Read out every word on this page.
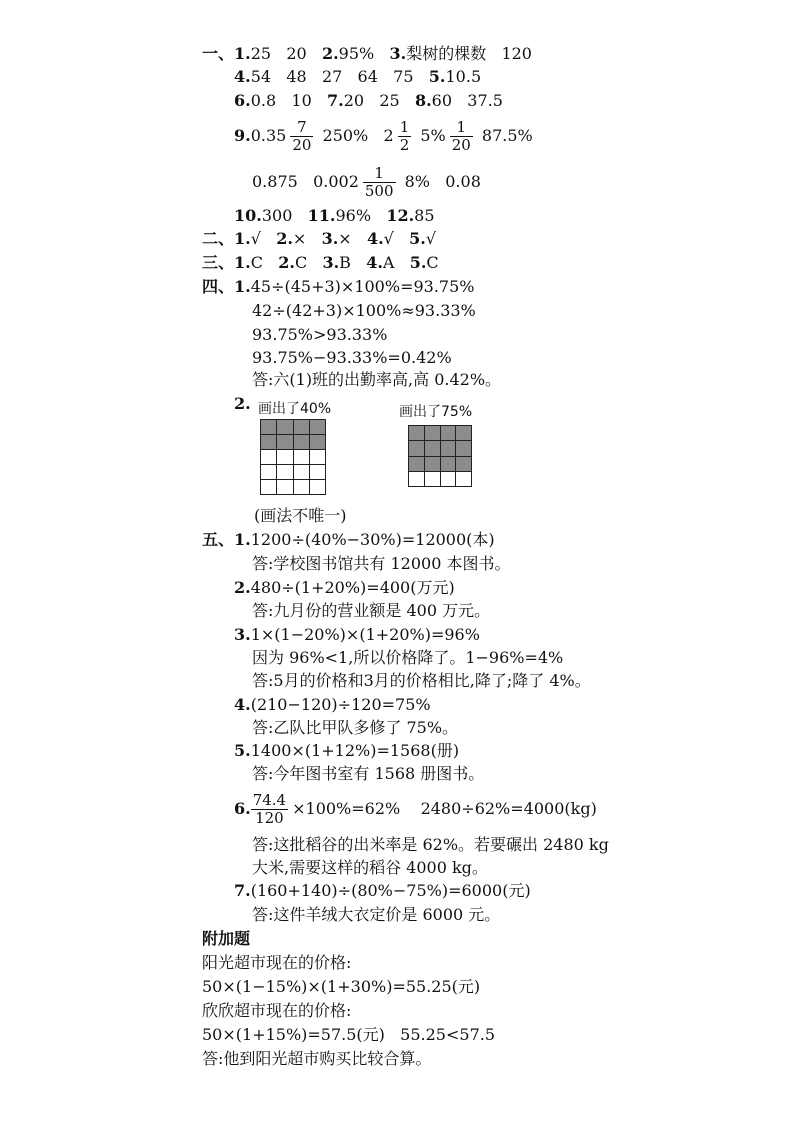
一、1.25   20   2.95%   3.梨树的棵数   120
4.54   48   27   64   75   5.10.5
6.0.8   10   7.20   25   8.60   37.5
$9.0.35 \frac{7}{20} 250\%$   $2 \frac{1}{2} 5\% \frac{1}{20} 87.5\%$
0.875   $0.002 \frac{1}{500} 8\%$   0.08
10.300   11.96%   12.85
二、1.√ 2.× 3.× 4.√ 5.√
三、1.C 2.C 3.B 4.A 5.C
四、1.45÷(45+3)×100%=93.75%
42÷(42+3)×100%≈93.33%
93.75%>93.33%
93.75%−93.33%=0.42%
答:六(1)班的出勤率高,高 0.42%。
2. 画出了40%	画出了75%

(画法不唯一)
五、1.1200÷(40%−30%)=12000(本)
答:学校图书馆共有 12000 本图书。
2.480÷(1+20%)=400(万元)
答:九月份的营业额是 400 万元。
3.1×(1−20%)×(1+20%)=96%
因为 96%<1,所以价格降了。1−96%=4%
答:5月的价格和3月的价格相比,降了;降了 4%。
4.(210−120)÷120=75%
答:乙队比甲队多修了 75%。
5.1400×(1+12%)=1568(册)
答:今年图书室有 1568 册图书。
6. $\frac{74.4}{120} \times 100\%=62\%$    2480÷62%=4000(kg)
答:这批稻谷的出米率是 62%。若要碾出 2480 kg
大米,需要这样的稻谷 4000 kg。
7.(160+140)÷(80%−75%)=6000(元)
答:这件羊绒大衣定价是 6000 元。
附加题
阳光超市现在的价格:
50×(1−15%)×(1+30%)=55.25(元)
欣欣超市现在的价格:
50×(1+15%)=57.5(元)   55.25<57.5
答:他到阳光超市购买比较合算。
